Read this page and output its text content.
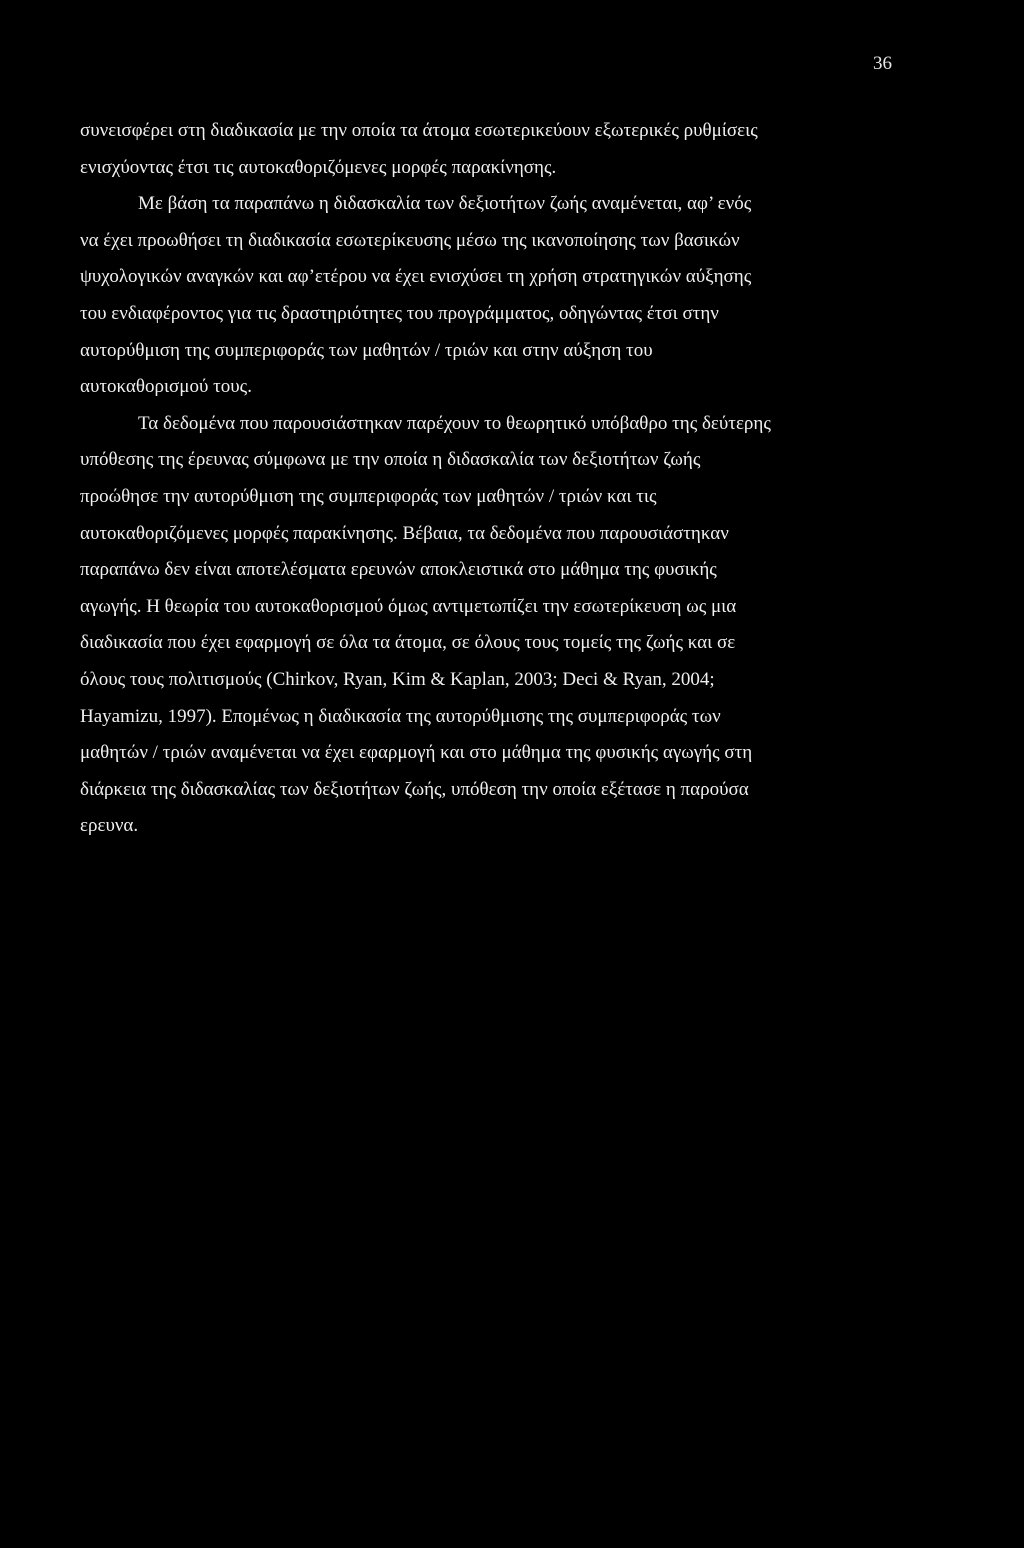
36
συνεισφέρει στη διαδικασία με την οποία τα άτομα εσωτερικεύουν εξωτερικές ρυθμίσεις
ενισχύοντας έτσι τις αυτοκαθοριζόμενες μορφές παρακίνησης.
Με βάση τα παραπάνω η διδασκαλία των δεξιοτήτων ζωής αναμένεται, αφ’ ενός
να έχει προωθήσει τη διαδικασία εσωτερίκευσης μέσω της ικανοποίησης των βασικών
ψυχολογικών αναγκών και αφ’ετέρου να έχει ενισχύσει τη χρήση στρατηγικών αύξησης
του ενδιαφέροντος για τις δραστηριότητες του προγράμματος, οδηγώντας έτσι στην
αυτορύθμιση της συμπεριφοράς των μαθητών / τριών και στην αύξηση του
αυτοκαθορισμού τους.
Τα δεδομένα που παρουσιάστηκαν παρέχουν το θεωρητικό υπόβαθρο της δεύτερης
υπόθεσης της έρευνας σύμφωνα με την οποία η διδασκαλία των δεξιοτήτων ζωής
προώθησε την αυτορύθμιση της συμπεριφοράς των μαθητών / τριών και τις
αυτοκαθοριζόμενες μορφές παρακίνησης. Βέβαια, τα δεδομένα που παρουσιάστηκαν
παραπάνω δεν είναι αποτελέσματα ερευνών αποκλειστικά στο μάθημα της φυσικής
αγωγής. Η θεωρία του αυτοκαθορισμού όμως αντιμετωπίζει την εσωτερίκευση ως μια
διαδικασία που έχει εφαρμογή σε όλα τα άτομα, σε όλους τους τομείς της ζωής και σε
όλους τους πολιτισμούς (Chirkov, Ryan, Kim & Kaplan, 2003; Deci & Ryan, 2004;
Hayamizu, 1997). Επομένως η διαδικασία της αυτορύθμισης της συμπεριφοράς των
μαθητών / τριών αναμένεται να έχει εφαρμογή και στο μάθημα της φυσικής αγωγής στη
διάρκεια της διδασκαλίας των δεξιοτήτων ζωής, υπόθεση την οποία εξέτασε η παρούσα
ερευνα.
